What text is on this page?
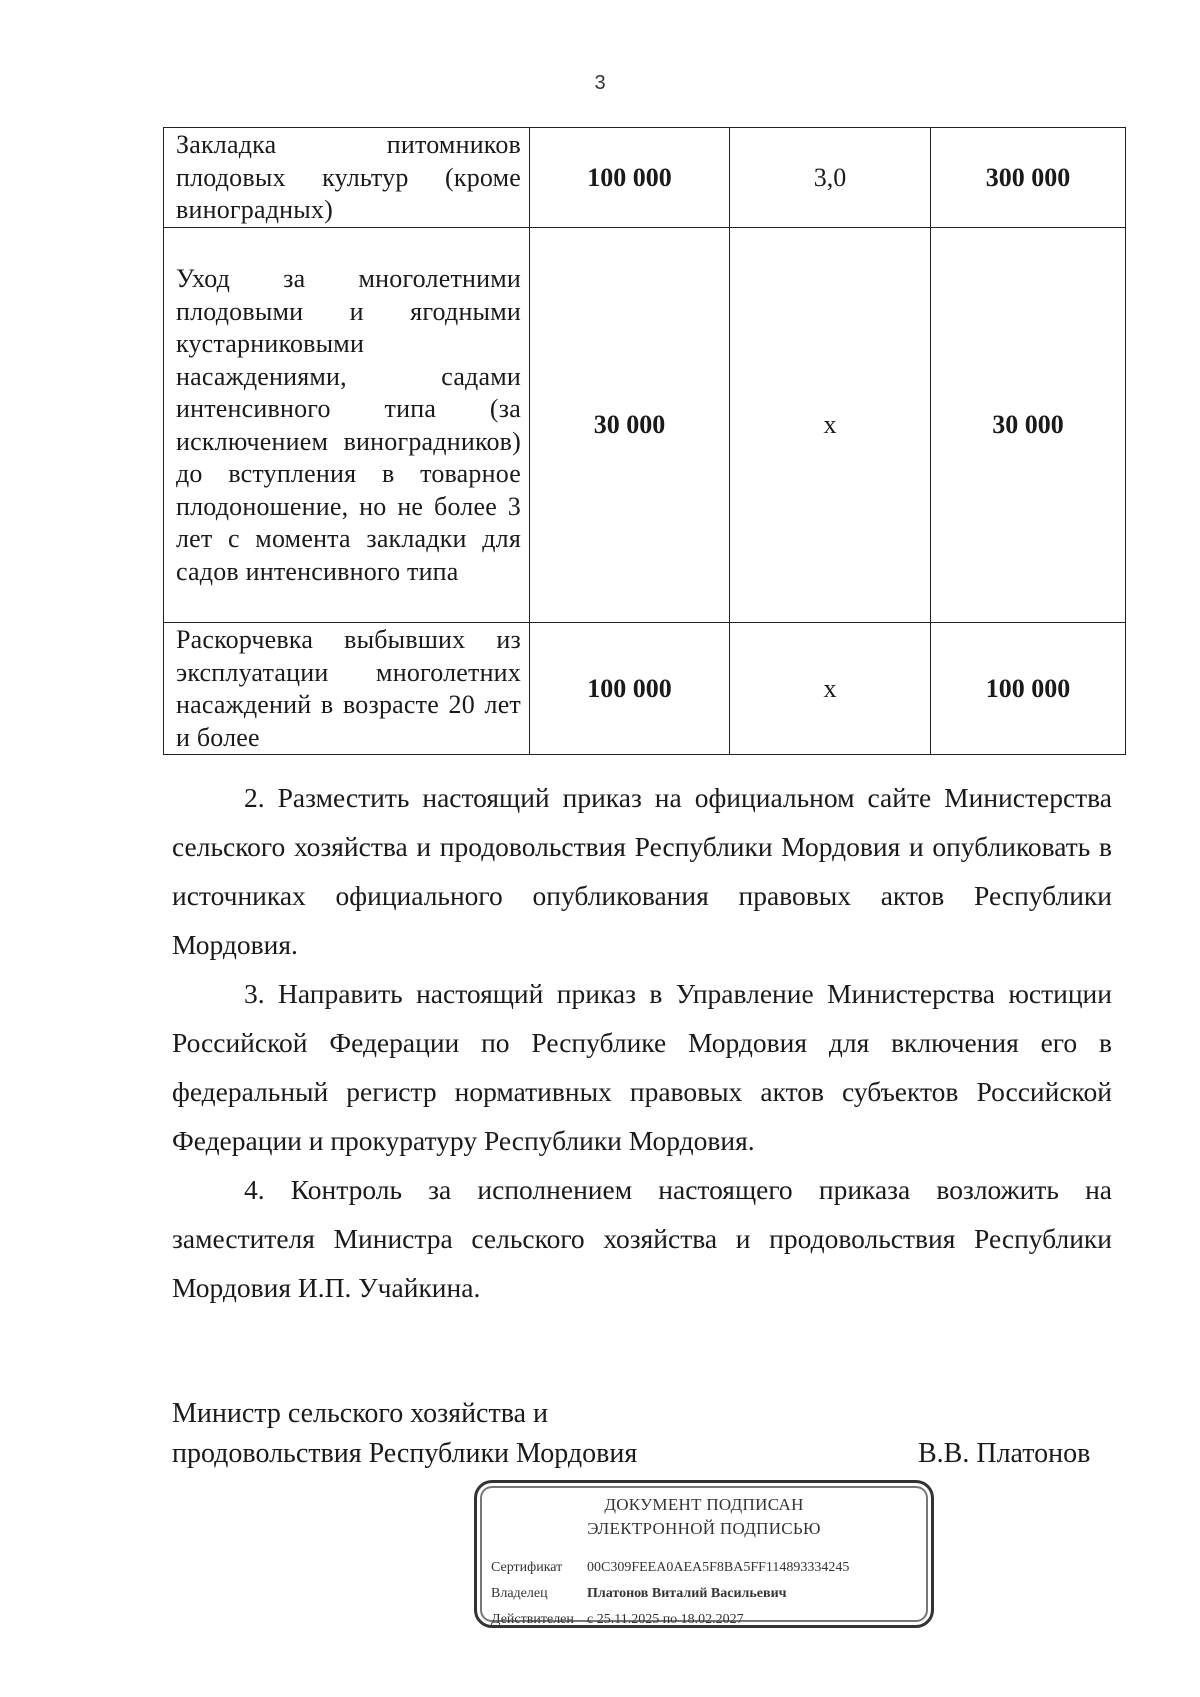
3
Закладка питомников плодовых культур (кроме виноградных)	100 000	3,0	300 000
Уход за многолетними плодовыми и ягодными кустарниковыми насаждениями, садами интенсивного типа (за исключением виноградников) до вступления в товарное плодоношение, но не более 3 лет с момента закладки для садов интенсивного типа	30 000	х	30 000
Раскорчевка выбывших из эксплуатации многолетних насаждений в возрасте 20 лет и более	100 000	х	100 000
2. Разместить настоящий приказ на официальном сайте Министерства сельского хозяйства и продовольствия Республики Мордовия и опубликовать в источниках официального опубликования правовых актов Республики Мордовия.
3. Направить настоящий приказ в Управление Министерства юстиции Российской Федерации по Республике Мордовия для включения его в федеральный регистр нормативных правовых актов субъектов Российской Федерации и прокуратуру Республики Мордовия.
4. Контроль за исполнением настоящего приказа возложить на заместителя Министра сельского хозяйства и продовольствия Республики Мордовия И.П. Учайкина.
Министр сельского хозяйства и
продовольствия Республики Мордовия	В.В. Платонов
ДОКУМЕНТ ПОДПИСАН
ЭЛЕКТРОННОЙ ПОДПИСЬЮ
Сертификат 00C309FEEA0AEA5F8BA5FF114893334245
Владелец	Платонов Виталий Васильевич
Действителен с 25.11.2025 по 18.02.2027
